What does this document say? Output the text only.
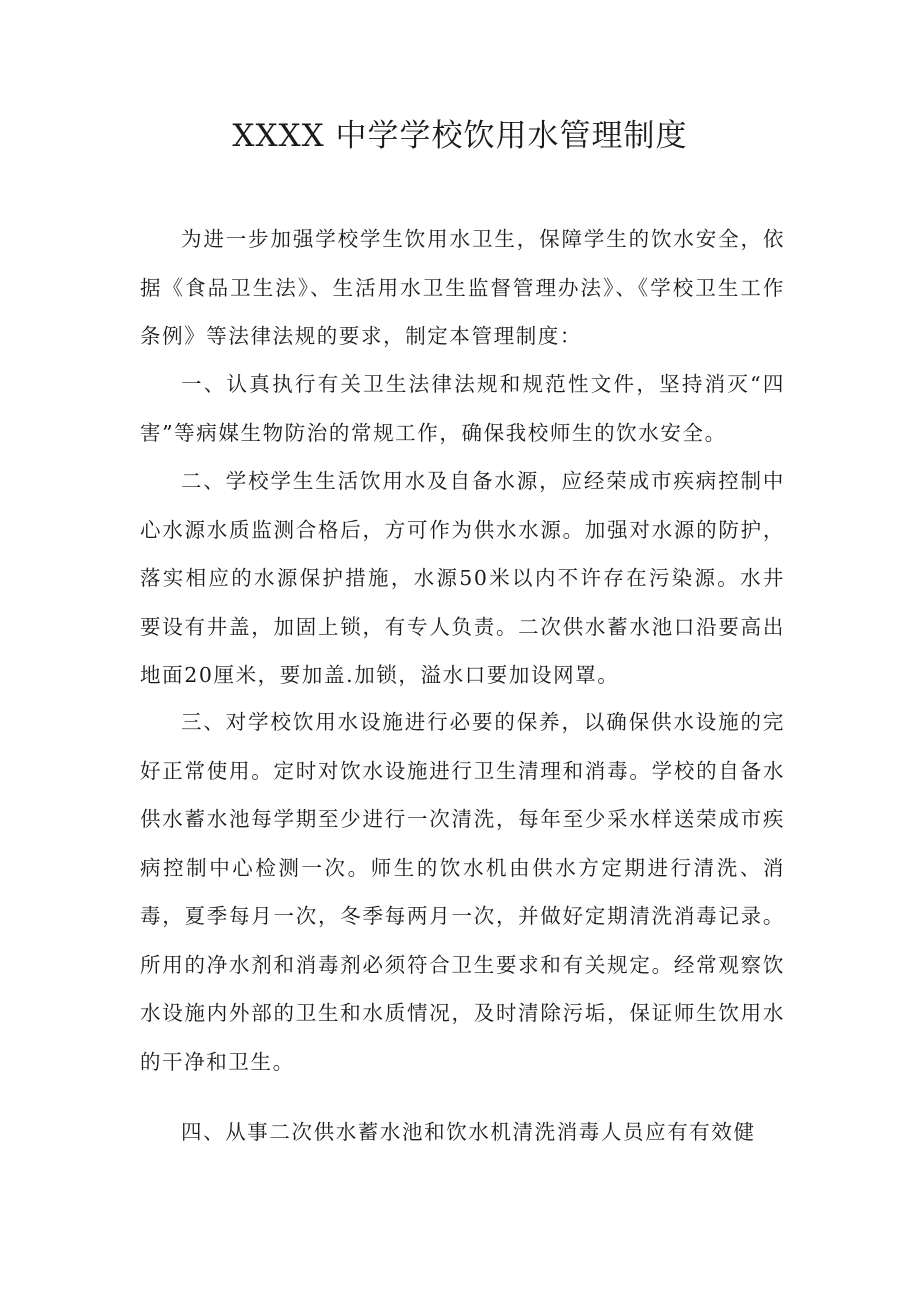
XXXX 中学学校饮用水管理制度

为进一步加强学校学生饮用水卫生，保障学生的饮水安全，依据《食品卫生法》、生活用水卫生监督管理办法》、《学校卫生工作条例》等法律法规的要求，制定本管理制度：

一、认真执行有关卫生法律法规和规范性文件，坚持消灭“四害”等病媒生物防治的常规工作，确保我校师生的饮水安全。

二、学校学生生活饮用水及自备水源，应经荣成市疾病控制中心水源水质监测合格后，方可作为供水水源。加强对水源的防护，落实相应的水源保护措施，水源50米以内不许存在污染源。水井要设有井盖，加固上锁，有专人负责。二次供水蓄水池口沿要高出地面20厘米，要加盖.加锁，溢水口要加设网罩。

三、对学校饮用水设施进行必要的保养，以确保供水设施的完好正常使用。定时对饮水设施进行卫生清理和消毒。学校的自备水供水蓄水池每学期至少进行一次清洗，每年至少采水样送荣成市疾病控制中心检测一次。师生的饮水机由供水方定期进行清洗、消毒，夏季每月一次，冬季每两月一次，并做好定期清洗消毒记录。所用的净水剂和消毒剂必须符合卫生要求和有关规定。经常观察饮水设施内外部的卫生和水质情况，及时清除污垢，保证师生饮用水的干净和卫生。

四、从事二次供水蓄水池和饮水机清洗消毒人员应有有效健
